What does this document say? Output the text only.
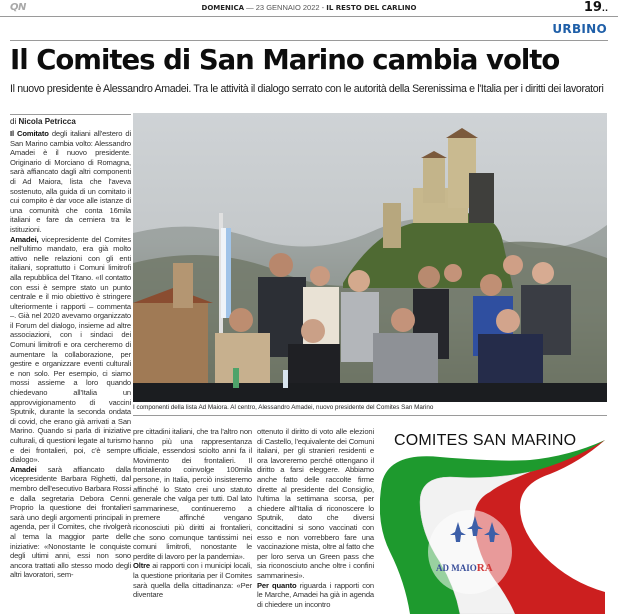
QN	DOMENICA — 23 GENNAIO 2022 - IL RESTO DEL CARLINO	19..
URBINO
Il Comites di San Marino cambia volto
Il nuovo presidente è Alessandro Amadei. Tra le attività il dialogo serrato con le autorità della Serenissima e l'Italia per i diritti dei lavoratori
di Nicola Petricca

Il Comitato degli italiani all'estero di San Marino cambia volto: Alessandro Amadei è il nuovo presidente. Originario di Morciano di Romagna, sarà affiancato dagli altri componenti di Ad Maiora, lista che l'aveva sostenuto, alla guida di un comitato il cui compito è dar voce alle istanze di una comunità che conta 16mila italiani e fare da cerniera tra le istituzioni.

Amadei, vicepresidente del Comites nell'ultimo mandato, era già molto attivo nelle relazioni con gli enti italiani, soprattutto i Comuni limitrofi alla repubblica del Titano. «Il contatto con essi è sempre stato un punto centrale e il mio obiettivo è stringere ulteriormente i rapporti – commenta –. Già nel 2020 avevamo organizzato il Forum del dialogo, insieme ad altre associazioni, con i sindaci dei Comuni limitrofi e ora cercheremo di aumentare la collaborazione, per gestire e organizzare eventi culturali e non solo. Per esempio, ci siamo mossi assieme a loro quando chiedevano all'Italia un approvvigionamento di vaccini Sputnik, durante la seconda ondata di covid, che erano già arrivati a San Marino. Quando si parla di iniziative culturali, di questioni legate al turismo e dei frontalieri, poi, c'è sempre dialogo».

Amadei sarà affiancato dalla vicepresidente Barbara Righetti, dal membro dell'esecutivo Barbara Rossi e dalla segretaria Debora Cenni. Proprio la questione dei frontalieri sarà uno degli argomenti principali in agenda, per il Comites, che rivolgerà al tema la maggior parte delle iniziative: «Nonostante le conquiste degli ultimi anni, essi non sono ancora trattati allo stesso modo degli altri lavoratori, sem-

I componenti della lista Ad Maiora. Al centro, Alessandro Amadei, nuovo presidente del Comites San Marino

pre cittadini italiani, che tra l'altro non hanno più una rappresentanza ufficiale, essendosi sciolto anni fa il Movimento dei frontalieri. Il frontalierato coinvolge 100mila persone, in Italia, perciò insisteremo affinché lo Stato crei uno statuto generale che valga per tutti. Dal lato sammarinese, continueremo a premere affinché vengano riconosciuti più diritti ai frontalieri, che sono comunque tantissimi nei comuni limitrofi, nonostante le perdite di lavoro per la pandemia».

Oltre ai rapporti con i municipi locali, la questione prioritaria per il Comites sarà quella della cittadinanza: «Per diventare

ottenuto il diritto di voto alle elezioni di Castello, l'equivalente dei Comuni italiani, per gli stranieri residenti e ora lavoreremo perché ottengano il diritto a farsi eleggere. Abbiamo anche fatto delle raccolte firme dirette al presidente del Consiglio, l'ultima la settimana scorsa, per chiedere all'Italia di riconoscere lo Sputnik, dato che diversi concittadini si sono vaccinati con esso e non vorrebbero fare una vaccinazione mista, oltre al fatto che per loro serva un Green pass che sia riconosciuto anche oltre i confini sammarinesi».

Per quanto riguarda i rapporti con le Marche, Amadei ha già in agenda di chiedere un incontro

COMITES SAN MARINO
AD MAIORA
